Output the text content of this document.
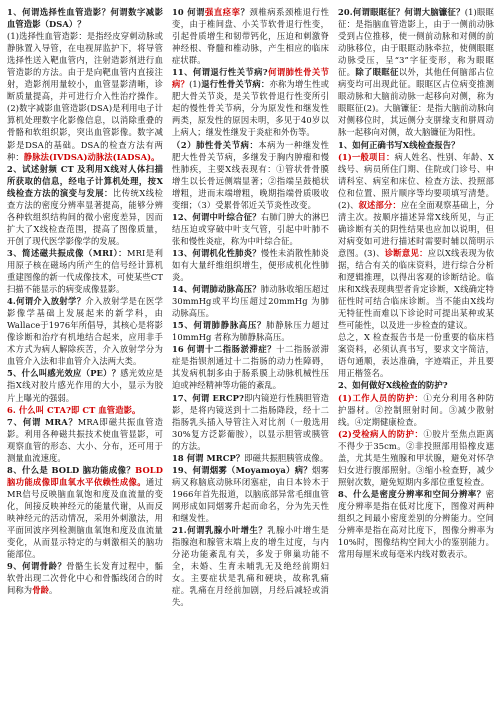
1、何谓选择性血管造影？何谓数字减影血管造影（DSA）？

(1)选择性血管造影：是指经皮穿刺动脉或静脉置入导管，在电视屏监护下，将导管选择性送入靶血管内，注射造影剂进行血管造影的方法。由于是向靶血管内直接注射，造影剂用量较小，血管显影清晰，诊断质量提高，并可进行介入性治疗操作。(2)数字减影血管造影(DSA)是利用电子计算机处理数字化影像信息，以消除重叠的骨骼和软组织影，突出血管影像。数字减影是DSA的基础。DSA的检查方法有两种：静脉法(IVDSA)动脉法(IADSA)。

2、试述射频 CT 及利用X线对人体扫描所获取的信息，经电子计算机处理，按X线检查方法的演变与发展：比传统X线检查方法的密度分辨率显著提高，能够分辨各种软组织结构间的微小密度差异，因而扩大了X线检查范围，提高了图像质量，开创了现代医学影像学的发展。

3、简述磁共振成像（MRI）：MRI是利用原子核在磁场内所产生的信号经计算机重建图像的新一代成像技术，可使某些CT扫描不能显示的病变成像显影。

4.何谓介入放射学？介入放射学是在医学影像学基础上发展起来的新学科，由 Wallace于1976年所倡导，其核心是将影像诊断和治疗有机地结合起来，应用非手术方式为病人解除疾苦，介入放射学分为血管介入法和非血管介入法两大类。

5、什么叫感光效应（PE）？感光效应是指X线对胶片感光作用的大小，显示为胶片上曝光的强弱。

6. 什么叫 CTA?即 CT 血管造影。

7、何谓 MRA？MRA即磁共振血管造影。利用各种磁共振技术使血管显影，可观察血管的形态、大小、分布，还可用于测量血流速度。

8、什么是 BOLD 脑功能成像？BOLD脑功能成像即血氧水平依赖性成像。通过MR信号反映脑血氧饱和度及血流量的变化，间接反映神经元的能量代谢，从而反映神经元的活动情况，采用外刺激法，用平面回波序列检测脑血氧饱和度及血流量变化，从而显示特定的与刺激相关的脑功能部位。

9、何谓骨龄？骨骼生长发育过程中，骺软骨出现二次骨化中心和骨骺线闭合的时间称为骨龄。

10 何谓强直痉挛？颈椎病系颈椎退行性变，由于椎间盘、小关节软骨退行性变，引起骨质增生和韧带钙化，压迫和刺激脊神经根、脊髓和椎动脉，产生相应的临床症状群。

11、何谓退行性关节病?何谓肺性骨关节病？(1)退行性骨关节病：亦称为增生性或肥大骨关节炎，是关节软骨退行性变所引起的慢性骨关节病，分为原发性和继发性两类，原发性的原因未明，多见于40岁以上病人；继发性继发于炎症和外伤等。

（2）肺性骨关节病：本病为一种继发性肥大性骨关节病，多继发于胸内肿瘤和慢性肺疾，主要X线表现有：①管状骨骨膜增生以长骨远侧端显著；②指端呈鼓槌状增粗，进而末端增粗，晚期指端骨质吸收变细；（3）受累骨邻近关节炎性改变。

12、何谓中叶综合征？右肺门肿大的淋巴结压迫或穿破中叶支气管，引起中叶肺不张和慢性炎症，称为中叶综合征。

13、何谓机化性肺炎？慢性未消散性肺炎如有大量纤维组织增生，便形成机化性肺炎。

14、何谓肺动脉高压？肺动脉收缩压超过30mmHg或平均压超过20mmHg 为肺动脉高压。

15、何谓肺静脉高压？肺静脉压力超过10mmHg 者称为肺静脉高压。

16 何谓十二指肠淤滞症？十二指肠淤滞症是指钡剂通过十二指肠的动力性障碍，其发病机制多由于肠系膜上动脉机械性压迫或神经精神等功能的紊乱。

17、何谓 ERCP?即内镜逆行性胰胆管造影，是将内镜送到十二指肠降段，经十二指肠乳头插入导管注入对比剂（一般选用30%复方泛影葡胺），以显示胆管或胰管的方法。

18 何谓 MRCP？即磁共振胆胰管成像。

19、何谓烟雾（Moyamoya）病？烟雾病又称脑底动脉环闭塞症，由日本铃木于1966年首先报道，以脑底部异常毛细血管网形成如同烟雾升起而命名，分为先天性和继发性。

21.何谓乳腺小叶增生？乳腺小叶增生是指腺泡和腺管末端上皮的增生过度，与内分泌功能紊乱有关，多发于卵巢功能不全，未婚、生育未哺乳无及绝经前期妇女。主要症状是乳痛和硬块，故称乳痛症。乳痛在月经前加剧，月经后减轻或消失。

20.何谓眼眶征？何谓大脑镰征？(1)眼眶征：是指脑血管造影上，由于一侧前动脉受到占位推移，使一侧前动脉和对侧的前动脉移位，由于眼眶动脉牵拉，使侧眼眶动脉受压，呈“3”字征变形，称为眼眶征。除了眼眶征以外，其他任何脑部占位病变均可出现此征。眼眶区占位病变推测眼动脉和大脑前动脉一起移向对侧，称为眼眶征(2)。大脑镰征：是指大脑前动脉向对侧移位时，其远侧分支胼缘支和胼周动脉一起移向对侧，故大脑镰征为阳性。

1、如何正确书写X线检查报告？

(1)一般项目：病人姓名、性别、年龄、X线号、病员所住门期、住院或门诊号、申请科室、病室和床位、检查方法、投照部位和位置、照片顺序等均要项填写清楚。(2)、叙述部分：应在全面观察基础上，分清主次。按顺序描述异常X线所见，与正确诊断有关的阴性结果也应加以说明，但对病变如可进行描述时需要时辅以简明示意图。(3)、诊断意见：应以X线表现为依据，结合有关的临床资料，进行综合分析和逻辑推理，以得出客观的诊断结论。临床和X线表现典型者肯定诊断，X线确定特征性时可结合临床诊断。当不能由X线均无特征性而难以下诊论时可提出某种或某些可能性，以及进一步检查的建议。

总之，X 检查报告书是一份重要的临床档案资料，必须认真书写，要求文字简洁，语句通顺，表达准确，字迹端正，并且要用正楷签名。

2、如何做好X线检查的防护?

(1)工作人员的防护：①充分利用各种防护器材。②控制照射时间。③减少散射线。④定期健康检查。

(2)受检病人的防护：①胶片至焦点距离不得少于35cm。②非投照部用铅橡皮遮盖，尤其是生殖腺和甲状腺，避免对怀孕妇女进行腹部照射。③缩小检查野，减少照射次数，避免短期内多部位重复检查。

8、什么是密度分辨率和空间分辨率？密度分辨率是指在低对比度下，图像对两种组织之间最小密度差别的分辨能力。空间分辨率是指在高对比度下，图像分辨率为10%时，图像结构空间大小的鉴别能力。常用每厘米或每毫米内线对数表示。
